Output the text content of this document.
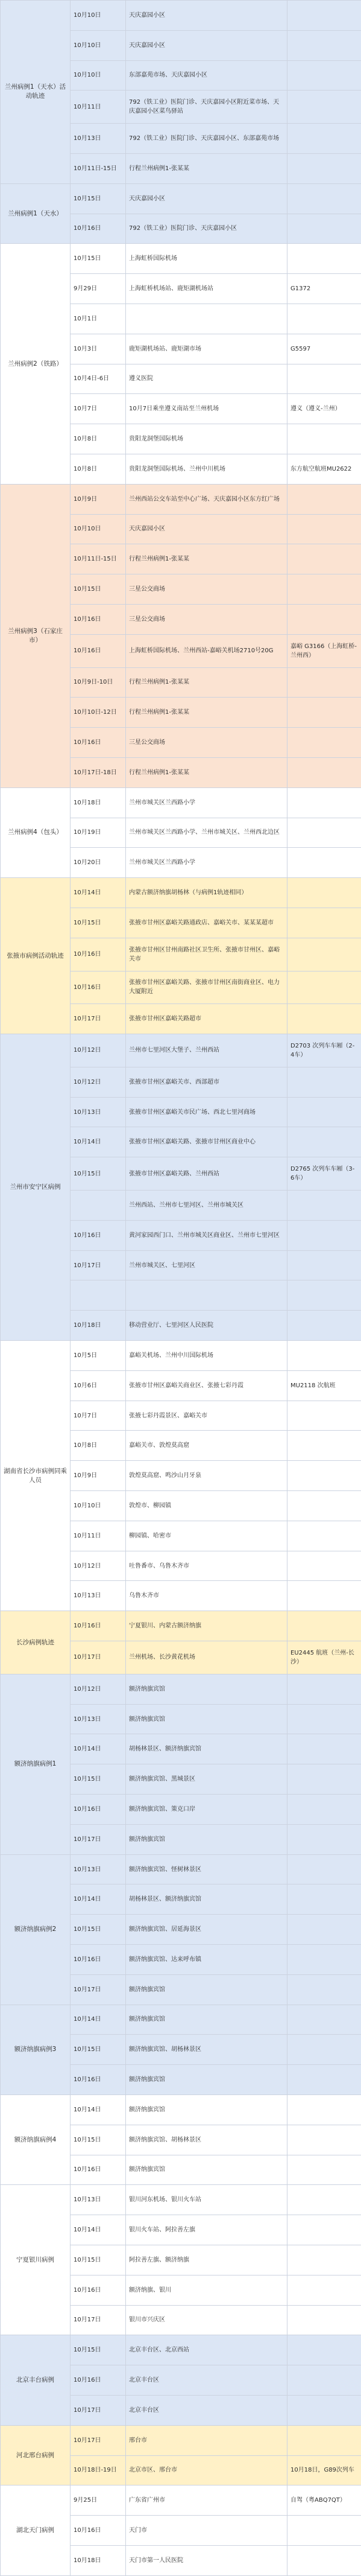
兰州病例1（天水）活动轨迹	10月10日	天庆嘉园小区	
	10月10日	天庆嘉园小区	
	10月10日	东部嘉苑市场、天庆嘉园小区	
	10月11日	792（铁工业）医院门诊、天庆嘉园小区附近菜市场、天庆嘉园小区菜鸟驿站	
	10月13日	792（铁工业）医院门诊、天庆嘉园小区、东部嘉苑市场	
	10月11日-15日	行程兰州病例1-张某某	
兰州病例1（天水）	10月15日	天庆嘉园小区	
	10月16日	792（铁工业）医院门诊、天庆嘉园小区	
兰州病例2（铁路）	10月15日	上海虹桥国际机场	
	9月29日	上海虹桥机场站、鹿矩湖机场站	G1372
	10月1日		
	10月3日	鹿矩湖机场站、鹿矩湖市场	G5597
	10月4日-6日	遵义医院	
	10月7日	10月7日乘坐遵义南站至兰州机场	遵义（遵义-兰州）
	10月8日	贵阳龙洞堡国际机场	
	10月8日	贵阳龙洞堡国际机场、兰州中川机场	东方航空航班MU2622
兰州病例3（石家庄市）	10月9日	兰州西站公交车站至中心广场、天庆嘉园小区东方红广场	
	10月10日	天庆嘉园小区	
	10月11日-15日	行程兰州病例1-张某某	
	10月15日	三星公交商场	
	10月16日	三星公交商场	
	10月16日	上海虹桥国际机场、兰州西站-嘉峪关机场2710号20G	嘉峪 G3166（上海虹桥-兰州西）
	10月9日-10日	行程兰州病例1-张某某	
	10月10日-12日	行程兰州病例1-张某某	
	10月16日	三星公交商场	
	10月17日-18日	行程兰州病例1-张某某	
兰州病例4（包头）	10月18日	兰州市城关区兰西路小学	
	10月19日	兰州市城关区兰西路小学、兰州市城关区、兰州西北边区	
	10月20日	兰州市城关区兰西路小学	
张掖市病例活动轨迹	10月14日	内蒙古额济纳旗胡杨林（与病例1轨迹相同）	
	10月15日	张掖市甘州区嘉峪关路通政店、嘉峪关市、某某某超市	
	10月16日	张掖市甘州区甘州南路社区卫生所、张掖市甘州区、嘉峪关市	
	10月16日	张掖市甘州区嘉峪关路、张掖市甘州区南街商业区、电力大厦附近	
	10月17日	张掖市甘州区嘉峪关路超市	
兰州市安宁区病例	10月12日	兰州市七里河区大堡子、兰州西站	D2703 次列车车厢（2-4车）
	10月12日	张掖市甘州区嘉峪关市、西部超市	
	10月13日	张掖市甘州区嘉峪关市民广场、西北七里河商场	
	10月14日	张掖市甘州区嘉峪关路、张掖市甘州区商业中心	
	10月15日	张掖市甘州区嘉峪关路、兰州西站	D2765 次列车车厢（3-6车）
		兰州西站、兰州市七里河区、兰州市城关区	
	10月16日	黄河家园西门口、兰州市城关区商业区、兰州市七里河区	
	10月17日	兰州市城关区、七里河区	

	10月18日	移动营业厅、七里河区人民医院	
湖南省长沙市病例同乘人员	10月5日	嘉峪关机场、兰州中川国际机场	
	10月6日	张掖市甘州区嘉峪关商业区、张掖七彩丹霞	MU2118 次航班
	10月7日	张掖七彩丹霞景区、嘉峪关市	
	10月8日	嘉峪关市、敦煌莫高窟	
	10月9日	敦煌莫高窟、鸣沙山月牙泉	
	10月10日	敦煌市、柳园镇	
	10月11日	柳园镇、哈密市	
	10月12日	吐鲁番市、乌鲁木齐市	
	10月13日	乌鲁木齐市	
长沙病例轨迹	10月16日	宁夏银川、内蒙古额济纳旗	
	10月17日	兰州机场、长沙黄花机场	EU2445 航班（兰州-长沙）
额济纳旗病例1	10月12日	额济纳旗宾馆	
	10月13日	额济纳旗宾馆	
	10月14日	胡杨林景区、额济纳旗宾馆	
	10月15日	额济纳旗宾馆、黑城景区	
	10月16日	额济纳旗宾馆、策克口岸	
	10月17日	额济纳旗宾馆	
额济纳旗病例2	10月13日	额济纳旗宾馆、怪树林景区	
	10月14日	胡杨林景区、额济纳旗宾馆	
	10月15日	额济纳旗宾馆、居延海景区	
	10月16日	额济纳旗宾馆、达来呼布镇	
	10月17日	额济纳旗宾馆	
额济纳旗病例3	10月14日	额济纳旗宾馆	
	10月15日	额济纳旗宾馆、胡杨林景区	
	10月16日	额济纳旗宾馆	
额济纳旗病例4	10月14日	额济纳旗宾馆	
	10月15日	额济纳旗宾馆、胡杨林景区	
	10月16日	额济纳旗宾馆	
宁夏银川病例	10月13日	银川河东机场、银川火车站	
	10月14日	银川火车站、阿拉善左旗	
	10月15日	阿拉善左旗、额济纳旗	
	10月16日	额济纳旗、银川	
	10月17日	银川市兴庆区	
北京丰台病例	10月15日	北京丰台区、北京西站	
	10月16日	北京丰台区	
	10月17日	北京丰台区	
河北邢台病例	10月17日	邢台市	
	10月18日-19日	北京市区、邢台市	10月18日，G89次列车
湖北天门病例	9月25日	广东省广州市	自驾（粤ABQ7QT）
	10月16日	天门市	
	10月18日	天门市第一人民医院	
